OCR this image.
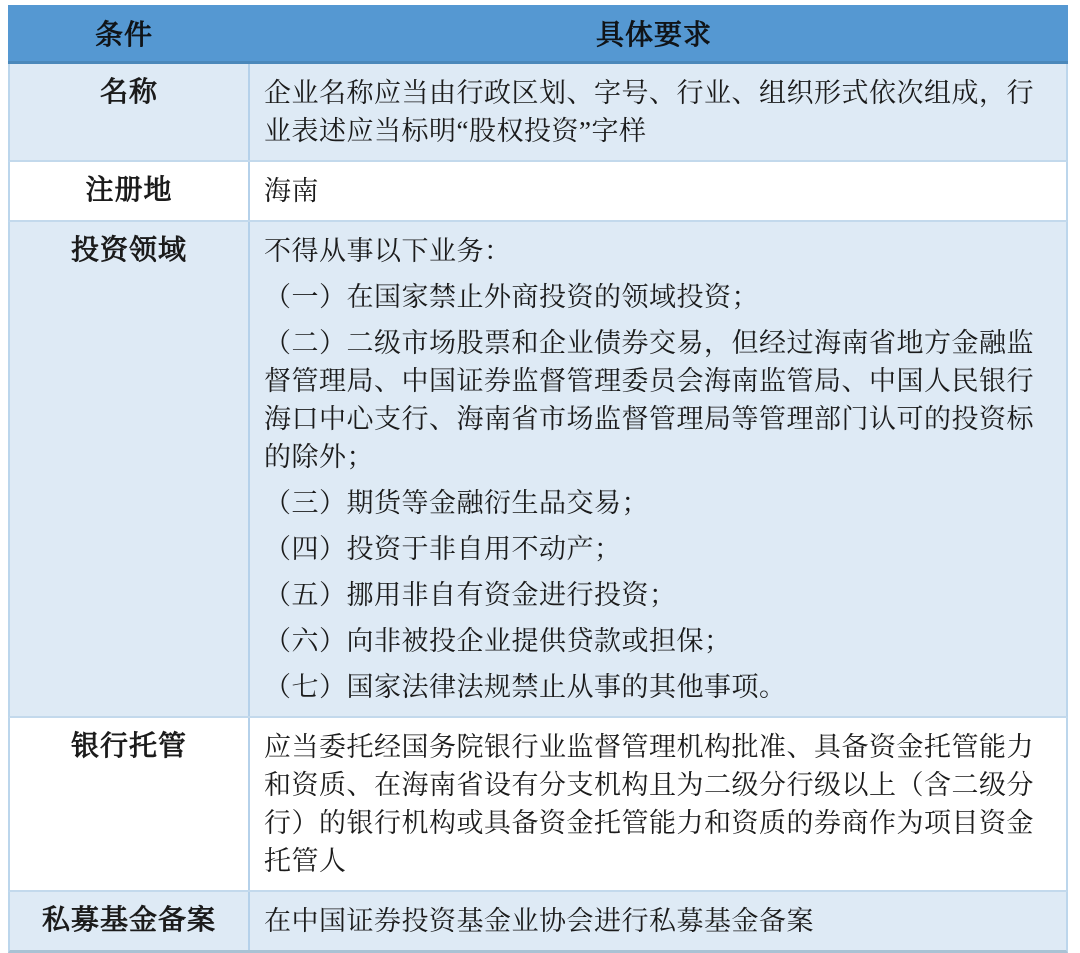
条件	具体要求
名称	企业名称应当由行政区划、字号、行业、组织形式依次组成，行业表述应当标明“股权投资”字样

注册地	海南

投资领域	不得从事以下业务：

（一）在国家禁止外商投资的领域投资；

（二）二级市场股票和企业债券交易，但经过海南省地方金融监督管理局、中国证券监督管理委员会海南监管局、中国人民银行海口中心支行、海南省市场监督管理局等管理部门认可的投资标的除外；

（三）期货等金融衍生品交易；

（四）投资于非自用不动产；

（五）挪用非自有资金进行投资；

（六）向非被投企业提供贷款或担保；

（七）国家法律法规禁止从事的其他事项。

银行托管	应当委托经国务院银行业监督管理机构批准、具备资金托管能力和资质、在海南省设有分支机构且为二级分行级以上（含二级分行）的银行机构或具备资金托管能力和资质的券商作为项目资金托管人

私募基金备案	在中国证券投资基金业协会进行私募基金备案
